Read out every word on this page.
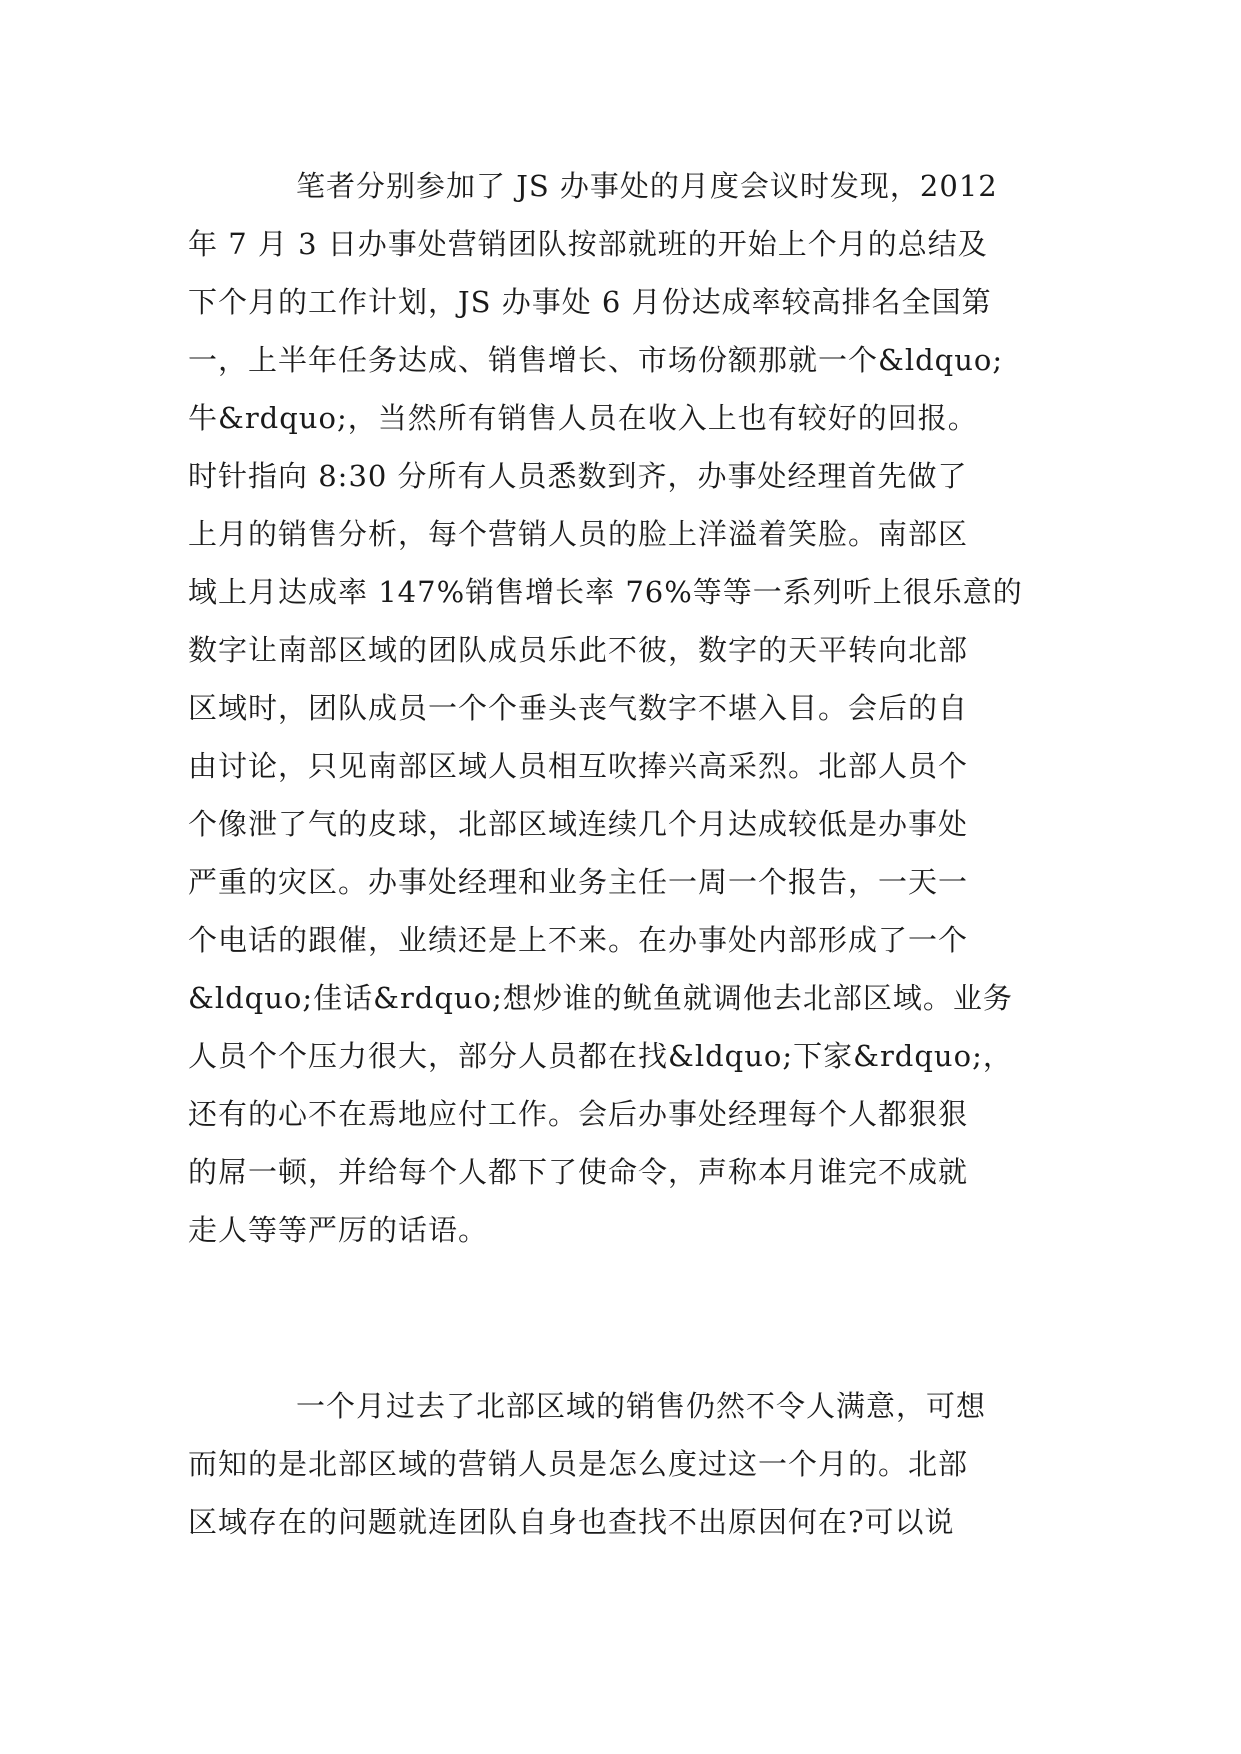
笔者分别参加了 JS 办事处的月度会议时发现，2012
年 7 月 3 日办事处营销团队按部就班的开始上个月的总结及
下个月的工作计划，JS 办事处 6 月份达成率较高排名全国第
一，上半年任务达成、销售增长、市场份额那就一个&ldquo;
牛&rdquo;，当然所有销售人员在收入上也有较好的回报。
时针指向 8:30 分所有人员悉数到齐，办事处经理首先做了
上月的销售分析，每个营销人员的脸上洋溢着笑脸。南部区
域上月达成率 147%销售增长率 76%等等一系列听上很乐意的
数字让南部区域的团队成员乐此不彼，数字的天平转向北部
区域时，团队成员一个个垂头丧气数字不堪入目。会后的自
由讨论，只见南部区域人员相互吹捧兴高采烈。北部人员个
个像泄了气的皮球，北部区域连续几个月达成较低是办事处
严重的灾区。办事处经理和业务主任一周一个报告，一天一
个电话的跟催，业绩还是上不来。在办事处内部形成了一个
&ldquo;佳话&rdquo;想炒谁的鱿鱼就调他去北部区域。业务
人员个个压力很大，部分人员都在找&ldquo;下家&rdquo;，
还有的心不在焉地应付工作。会后办事处经理每个人都狠狠
的屌一顿，并给每个人都下了使命令，声称本月谁完不成就
走人等等严厉的话语。

一个月过去了北部区域的销售仍然不令人满意，可想
而知的是北部区域的营销人员是怎么度过这一个月的。北部
区域存在的问题就连团队自身也查找不出原因何在?可以说
